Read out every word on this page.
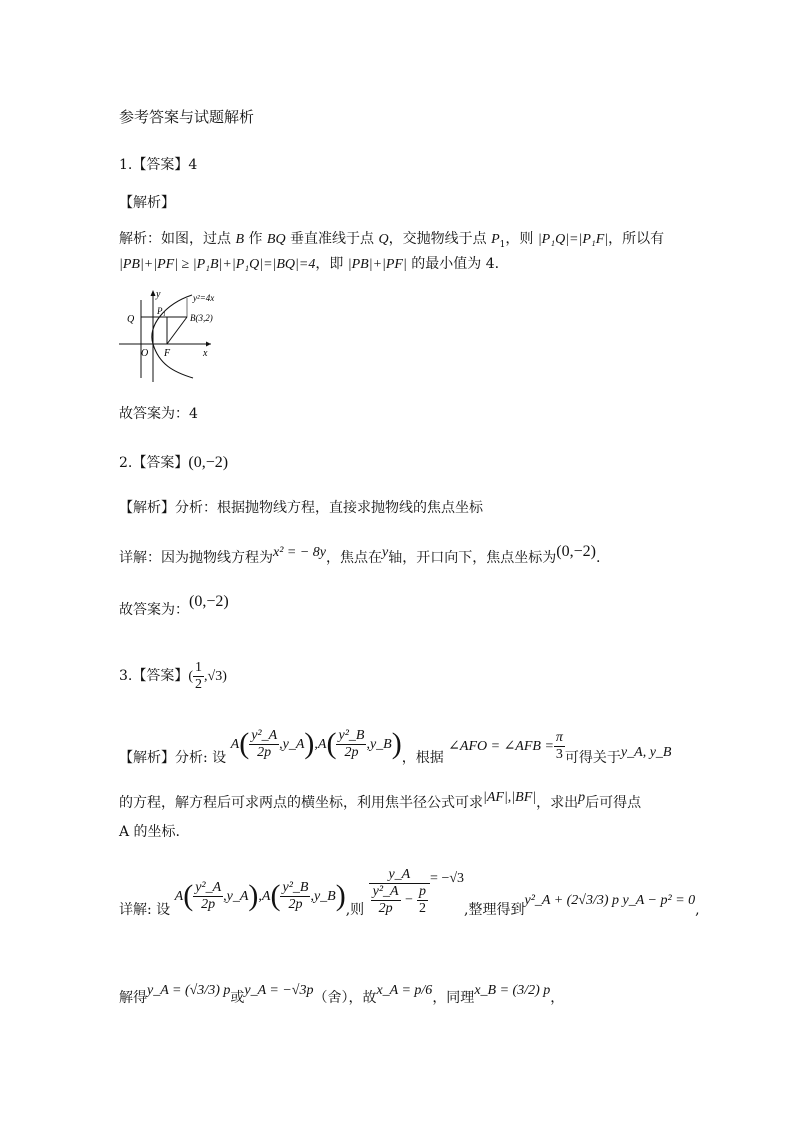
参考答案与试题解析
1.【答案】4
【解析】
解析：如图，过点 B 作 BQ 垂直准线于点 Q，交抛物线于点 $P_1$，则 |P₁Q|=|P₁F|，所以有
|PB|+|PF| ≥ |P₁B|+|P₁Q|=|BQ|=4，即 |PB|+|PF| 的最小值为 4.
y
x
y²=4x
P₁
B(3,2)
Q
O F
故答案为：4
2.【答案】(0,−2)
【解析】分析：根据抛物线方程，直接求抛物线的焦点坐标
详解：因为抛物线方程为x² = − 8y，焦点在y轴，开口向下，焦点坐标为(0,−2).
故答案为：(0,−2)
3.【答案】( $\frac{1}{2} ,√3$)
【解析】分析: 设 $A( \frac{\text{y²\_A}}{2p}$ ,y_A),A( $\frac{\text{y²\_B}}{2p}$ ,y_B)，根据 ∠AFO = ∠AFB = $\frac{\pi}{3}$ 可得关于y_A, y_B
的方程，解方程后可求两点的横坐标，利用焦半径公式可求|AF|,|BF|，求出p后可得点
A 的坐标.
详解: 设 $A( \frac{\text{y²\_A}}{2p}$ ,y_A),A( $\frac{\text{y²\_B}}{2p}$ ,y_B),则 $\frac{y\_A}{\frac{\text{y²\_A}}{2p} - \frac{p}{2}} = -√3$,整理得到y²_A + (2√3/3) p y_A − p² = 0,
解得y_A = (√3/3) p或y_A = −√3p（舍），故x_A = p/6，同理x_B = (3/2) p，
